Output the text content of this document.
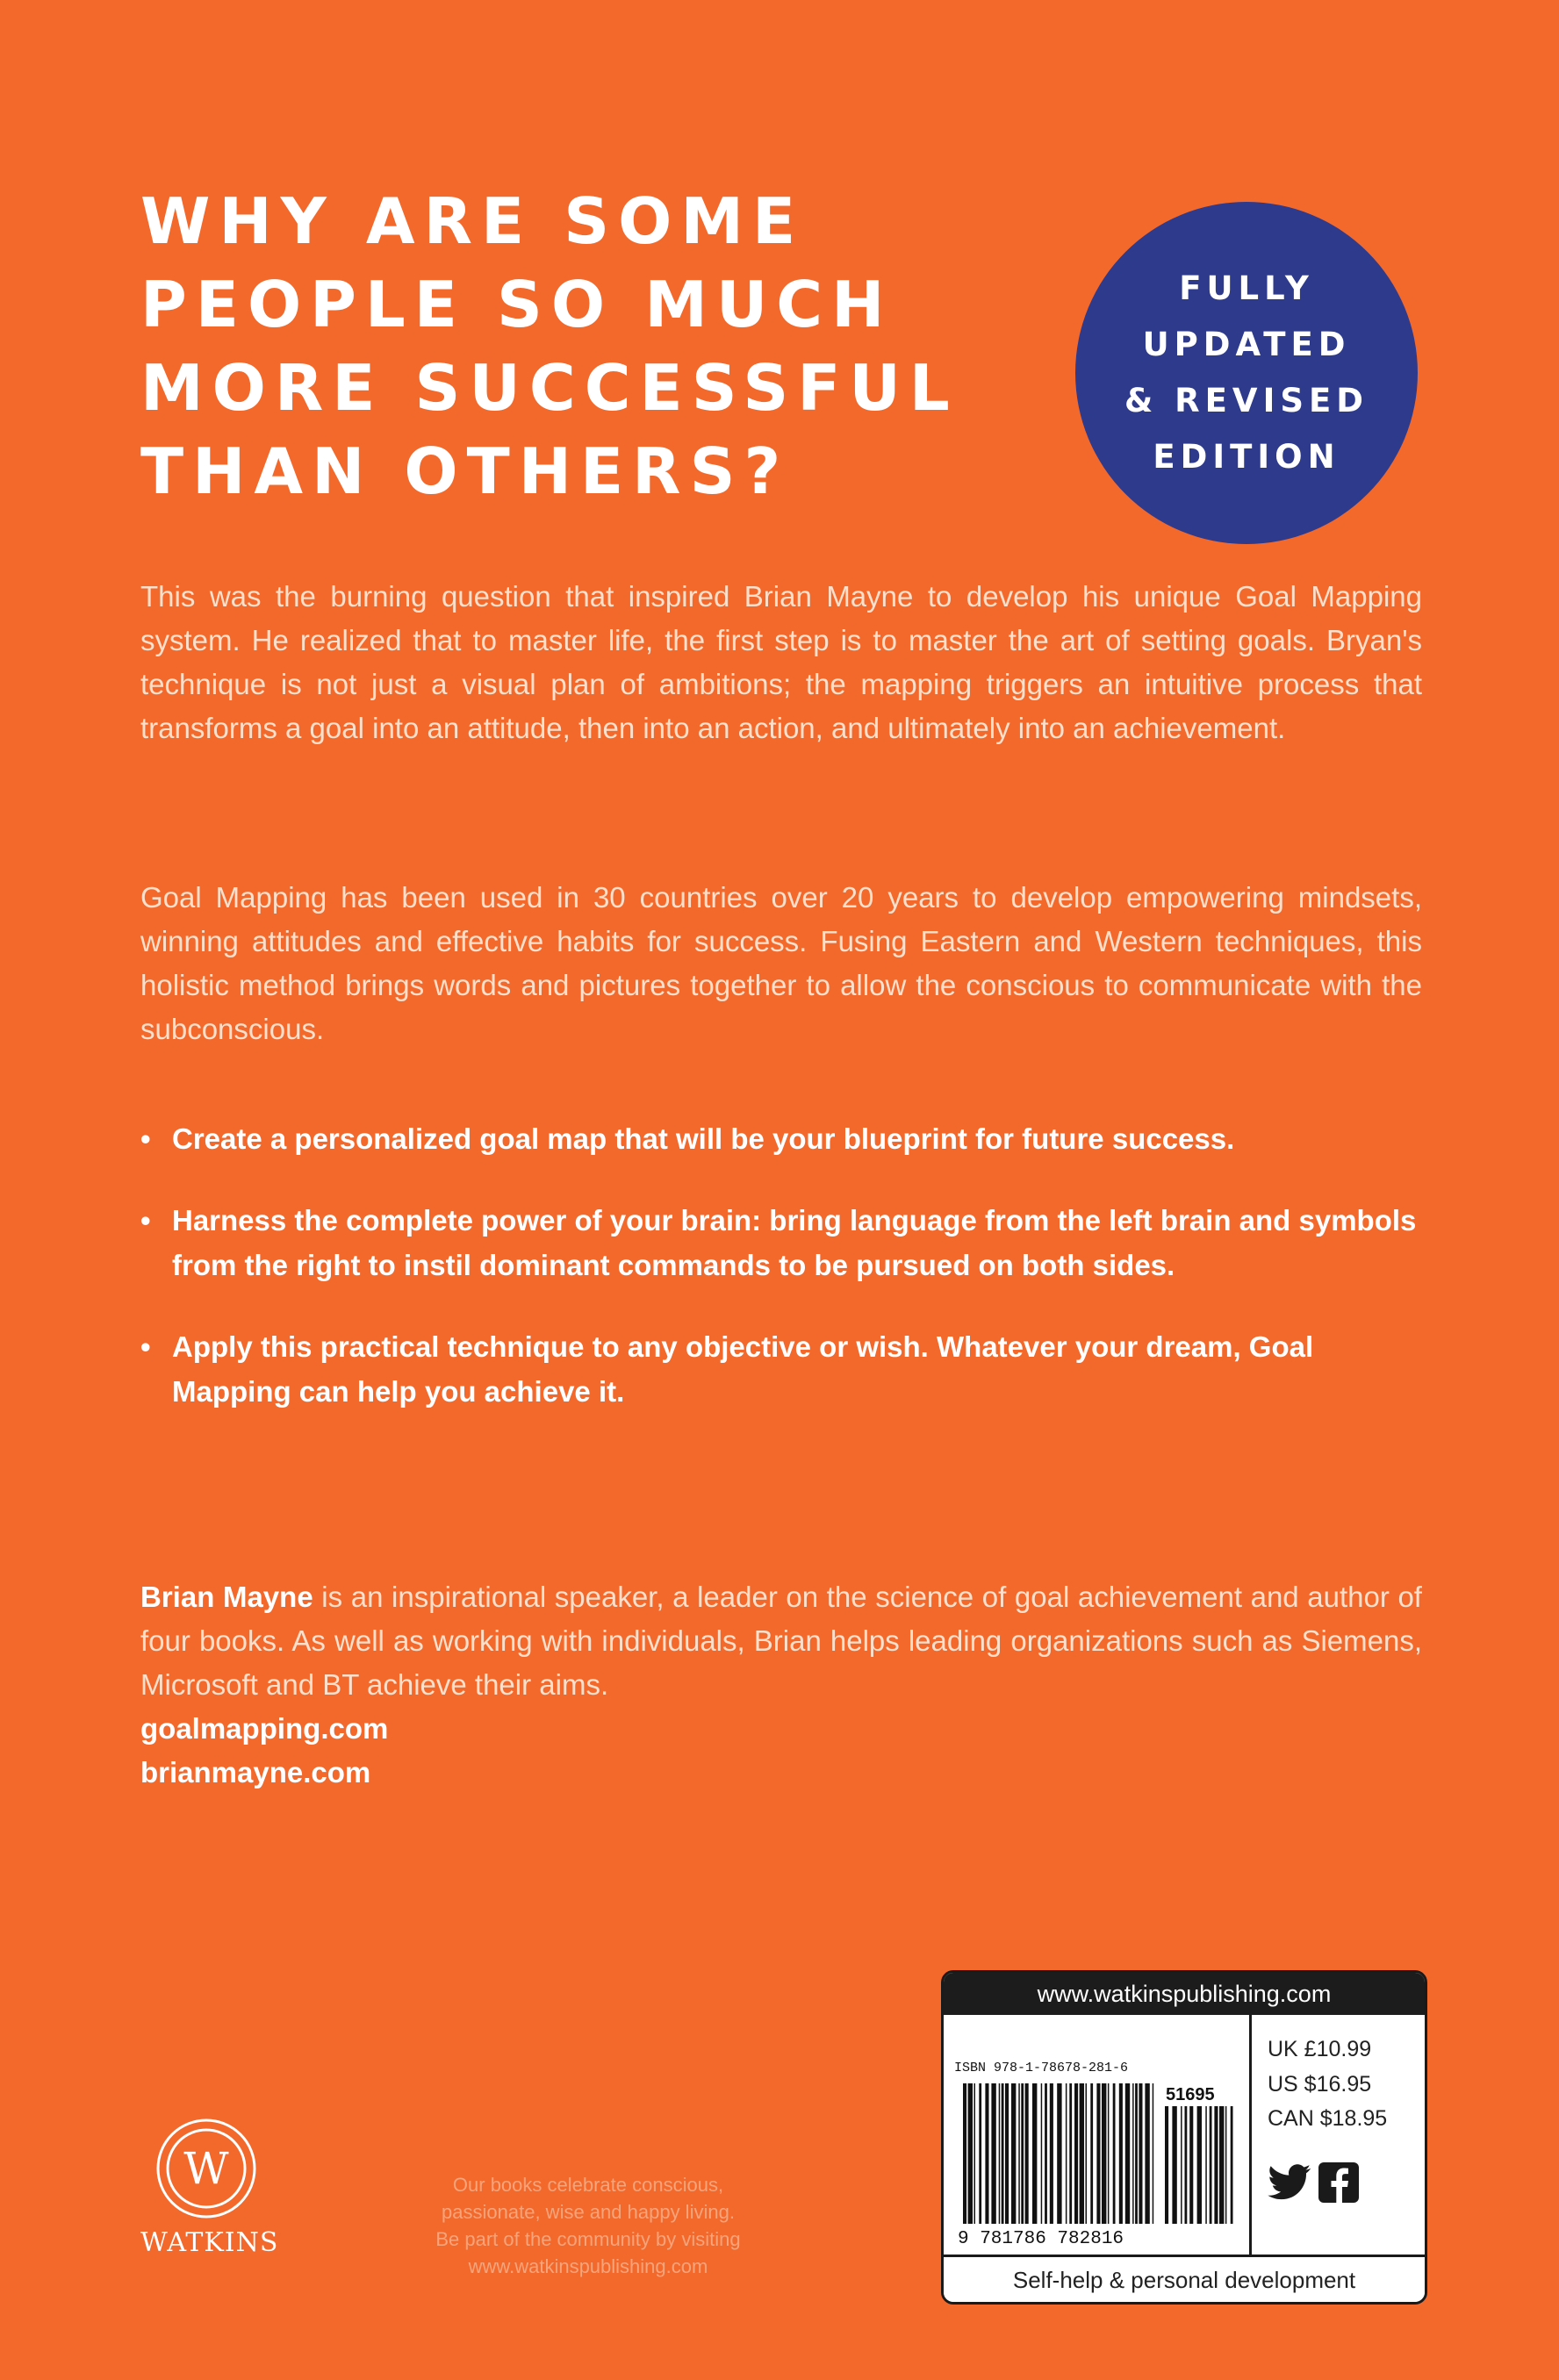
WHY ARE SOME
PEOPLE SO MUCH
MORE SUCCESSFUL
THAN OTHERS?
FULLY
UPDATED
& REVISED
EDITION

This was the burning question that inspired Brian Mayne to develop his unique Goal Mapping system. He realized that to master life, the first step is to master the art of setting goals. Bryan's technique is not just a visual plan of ambitions; the mapping triggers an intuitive process that transforms a goal into an attitude, then into an action, and ultimately into an achievement.

Goal Mapping has been used in 30 countries over 20 years to develop empowering mindsets, winning attitudes and effective habits for success. Fusing Eastern and Western techniques, this holistic method brings words and pictures together to allow the conscious to communicate with the subconscious.

• Create a personalized goal map that will be your blueprint for future success.
• Harness the complete power of your brain: bring language from the left brain and symbols from the right to instil dominant commands to be pursued on both sides.
• Apply this practical technique to any objective or wish. Whatever your dream, Goal Mapping can help you achieve it.

Brian Mayne is an inspirational speaker, a leader on the science of goal achievement and author of four books. As well as working with individuals, Brian helps leading organizations such as Siemens, Microsoft and BT achieve their aims.

goalmapping.com
brianmayne.com
W
WATKINS

Our books celebrate conscious,
passionate, wise and happy living.
Be part of the community by visiting
www.watkinspublishing.com

www.watkinspublishing.com
ISBN 978-1-78678-281-6
51695
9 781786 782816
UK £10.99
US $16.95
CAN $18.95
Self-help & personal development
